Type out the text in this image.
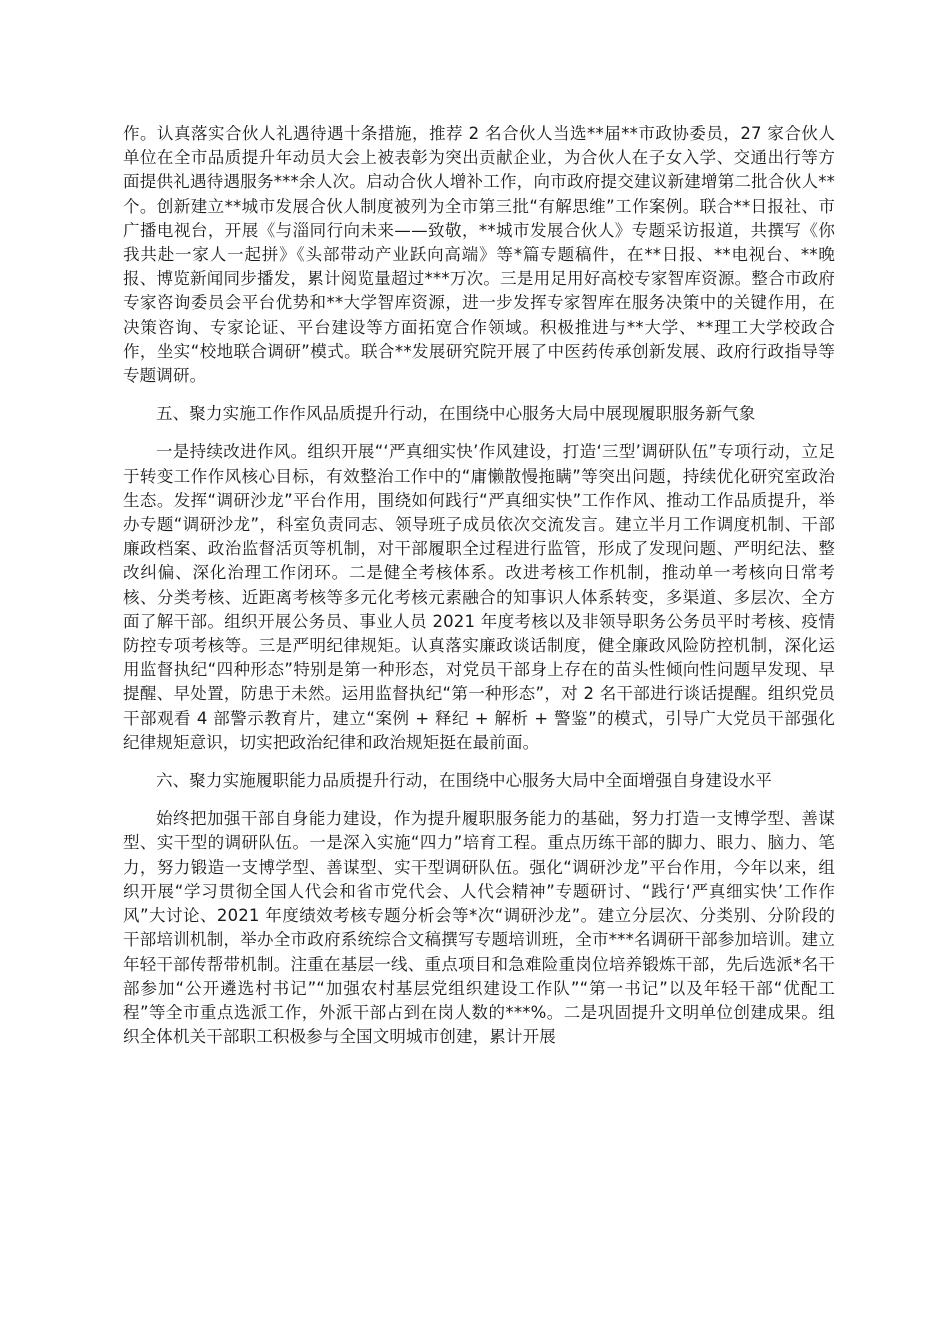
作。认真落实合伙人礼遇待遇十条措施，推荐 2 名合伙人当选**届**市政协委员，27 家合伙人单位在全市品质提升年动员大会上被表彰为突出贡献企业，为合伙人在子女入学、交通出行等方面提供礼遇待遇服务***余人次。启动合伙人增补工作，向市政府提交建议新建增第二批合伙人**个。创新建立**城市发展合伙人制度被列为全市第三批“有解思维”工作案例。联合**日报社、市广播电视台，开展《与淄同行向未来——致敬，**城市发展合伙人》专题采访报道，共撰写《你我共赴一家人一起拼》《头部带动产业跃向高端》等*篇专题稿件，在**日报、**电视台、**晚报、博览新闻同步播发，累计阅览量超过***万次。三是用足用好高校专家智库资源。整合市政府专家咨询委员会平台优势和**大学智库资源，进一步发挥专家智库在服务决策中的关键作用，在决策咨询、专家论证、平台建设等方面拓宽合作领域。积极推进与**大学、**理工大学校政合作，坐实“校地联合调研”模式。联合**发展研究院开展了中医药传承创新发展、政府行政指导等专题调研。

五、聚力实施工作作风品质提升行动，在围绕中心服务大局中展现履职服务新气象

一是持续改进作风。组织开展“‘严真细实快’作风建设，打造‘三型’调研队伍”专项行动，立足于转变工作作风核心目标，有效整治工作中的“庸懒散慢拖瞒”等突出问题，持续优化研究室政治生态。发挥“调研沙龙”平台作用，围绕如何践行“严真细实快”工作作风、推动工作品质提升，举办专题“调研沙龙”，科室负责同志、领导班子成员依次交流发言。建立半月工作调度机制、干部廉政档案、政治监督活页等机制，对干部履职全过程进行监管，形成了发现问题、严明纪法、整改纠偏、深化治理工作闭环。二是健全考核体系。改进考核工作机制，推动单一考核向日常考核、分类考核、近距离考核等多元化考核元素融合的知事识人体系转变，多渠道、多层次、全方面了解干部。组织开展公务员、事业人员 2021 年度考核以及非领导职务公务员平时考核、疫情防控专项考核等。三是严明纪律规矩。认真落实廉政谈话制度，健全廉政风险防控机制，深化运用监督执纪“四种形态”特别是第一种形态，对党员干部身上存在的苗头性倾向性问题早发现、早提醒、早处置，防患于未然。运用监督执纪“第一种形态”，对 2 名干部进行谈话提醒。组织党员干部观看 4 部警示教育片，建立“案例 + 释纪 + 解析 + 警鉴”的模式，引导广大党员干部强化纪律规矩意识，切实把政治纪律和政治规矩挺在最前面。

六、聚力实施履职能力品质提升行动，在围绕中心服务大局中全面增强自身建设水平

始终把加强干部自身能力建设，作为提升履职服务能力的基础，努力打造一支博学型、善谋型、实干型的调研队伍。一是深入实施“四力”培育工程。重点历练干部的脚力、眼力、脑力、笔力，努力锻造一支博学型、善谋型、实干型调研队伍。强化“调研沙龙”平台作用，今年以来，组织开展“学习贯彻全国人代会和省市党代会、人代会精神”专题研讨、“践行‘严真细实快’工作作风”大讨论、2021 年度绩效考核专题分析会等*次“调研沙龙”。建立分层次、分类别、分阶段的干部培训机制，举办全市政府系统综合文稿撰写专题培训班，全市***名调研干部参加培训。建立年轻干部传帮带机制。注重在基层一线、重点项目和急难险重岗位培养锻炼干部，先后选派*名干部参加“公开遴选村书记”“加强农村基层党组织建设工作队”“第一书记”以及年轻干部“优配工程”等全市重点选派工作，外派干部占到在岗人数的***%。二是巩固提升文明单位创建成果。组织全体机关干部职工积极参与全国文明城市创建，累计开展
